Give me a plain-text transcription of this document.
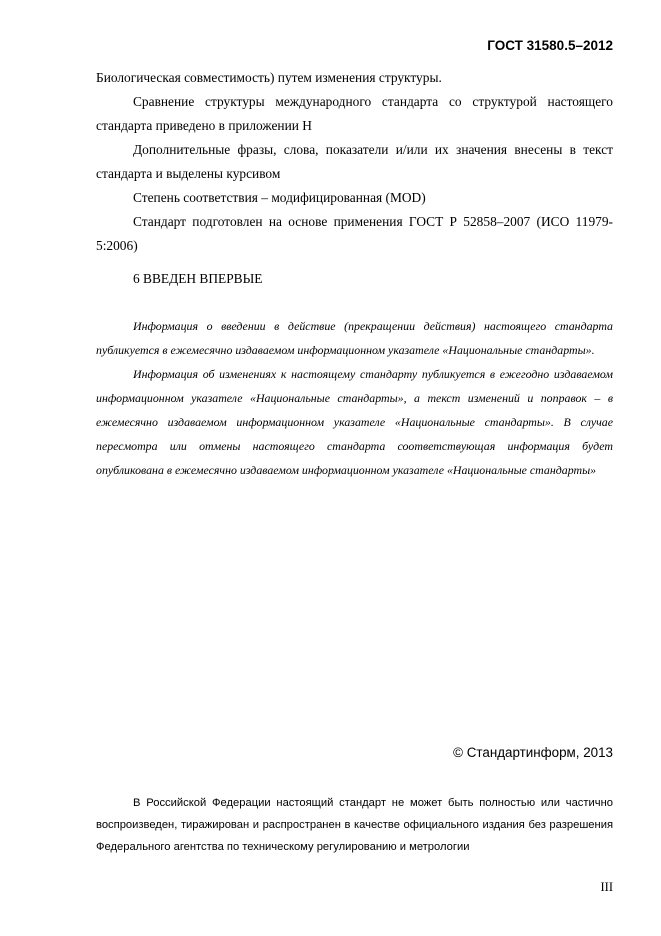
ГОСТ 31580.5–2012

Биологическая совместимость) путем изменения структуры.

Сравнение структуры международного стандарта со структурой настоящего стандарта приведено в приложении Н

Дополнительные фразы, слова, показатели и/или их значения внесены в текст стандарта и выделены курсивом

Степень соответствия – модифицированная (MOD)

Стандарт подготовлен на основе применения ГОСТ Р 52858–2007 (ИСО 11979-5:2006)

6 ВВЕДЕН ВПЕРВЫЕ

Информация о введении в действие (прекращении действия) настоящего стандарта публикуется в ежемесячно издаваемом информационном указателе «Национальные стандарты».

Информация об изменениях к настоящему стандарту публикуется в ежегодно издаваемом информационном указателе «Национальные стандарты», а текст изменений и поправок – в ежемесячно издаваемом информационном указателе «Национальные стандарты». В случае пересмотра или отмены настоящего стандарта соответствующая информация будет опубликована в ежемесячно издаваемом информационном указателе «Национальные стандарты»

© Стандартинформ, 2013

В Российской Федерации настоящий стандарт не может быть полностью или частично воспроизведен, тиражирован и распространен в качестве официального издания без разрешения Федерального агентства по техническому регулированию и метрологии

III
